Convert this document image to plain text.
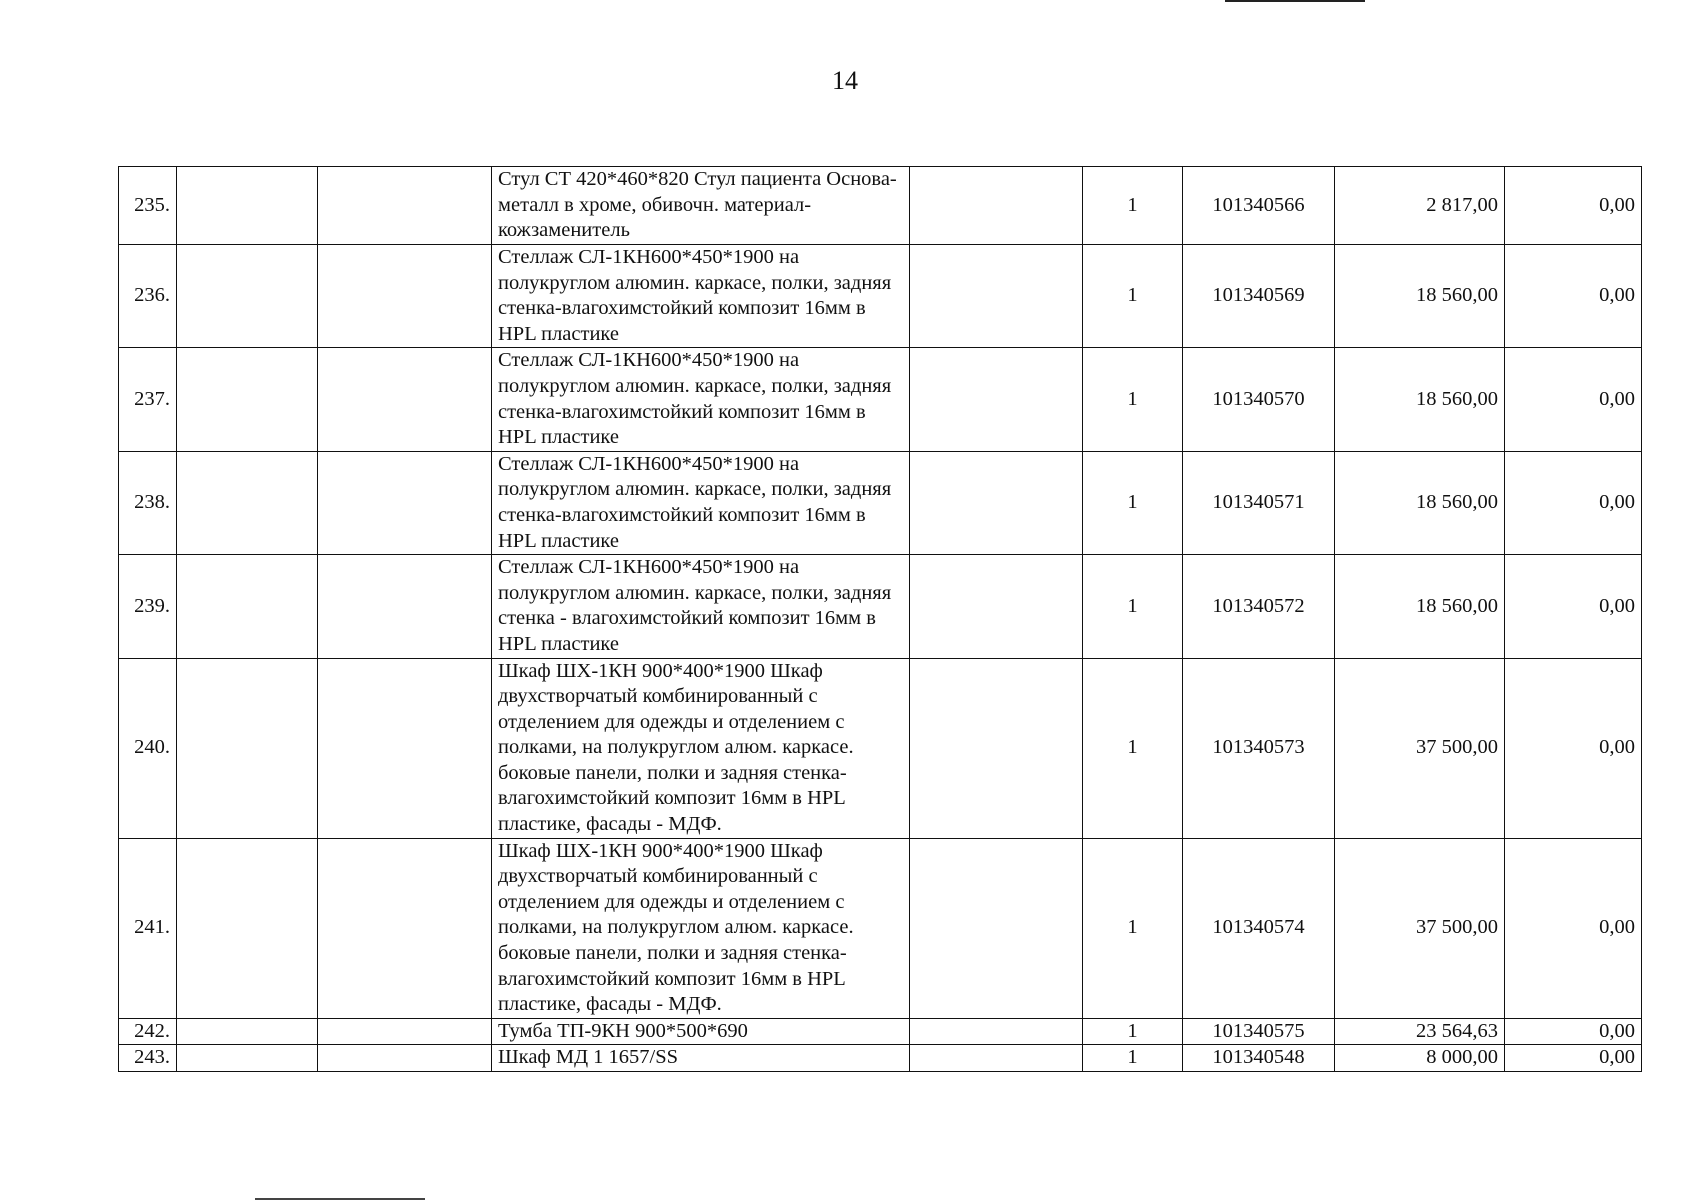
14
235.			Стул СТ 420*460*820 Стул пациента Основа-металл в хроме, обивочн. материал-кожзаменитель		1	101340566	2 817,00	0,00
236.			Стеллаж СЛ-1КН600*450*1900 на полукруглом алюмин. каркасе, полки, задняя стенка-влагохимстойкий композит 16мм в HPL пластике		1	101340569	18 560,00	0,00
237.			Стеллаж СЛ-1КН600*450*1900 на полукруглом алюмин. каркасе, полки, задняя стенка-влагохимстойкий композит 16мм в HPL пластике		1	101340570	18 560,00	0,00
238.			Стеллаж СЛ-1КН600*450*1900 на полукруглом алюмин. каркасе, полки, задняя стенка-влагохимстойкий композит 16мм в HPL пластике		1	101340571	18 560,00	0,00
239.			Стеллаж СЛ-1КН600*450*1900 на полукруглом алюмин. каркасе, полки, задняя стенка - влагохимстойкий композит 16мм в HPL пластике		1	101340572	18 560,00	0,00
240.			Шкаф ШХ-1КН 900*400*1900 Шкаф двухстворчатый комбинированный с отделением для одежды и отделением с полками, на полукруглом алюм. каркасе. боковые панели, полки и задняя стенка-влагохимстойкий композит 16мм в HPL пластике, фасады - МДФ.		1	101340573	37 500,00	0,00
241.			Шкаф ШХ-1КН 900*400*1900 Шкаф двухстворчатый комбинированный с отделением для одежды и отделением с полками, на полукруглом алюм. каркасе. боковые панели, полки и задняя стенка-влагохимстойкий композит 16мм в HPL пластике, фасады - МДФ.		1	101340574	37 500,00	0,00
242.			Тумба ТП-9КН 900*500*690		1	101340575	23 564,63	0,00
243.			Шкаф МД 1 1657/SS		1	101340548	8 000,00	0,00
